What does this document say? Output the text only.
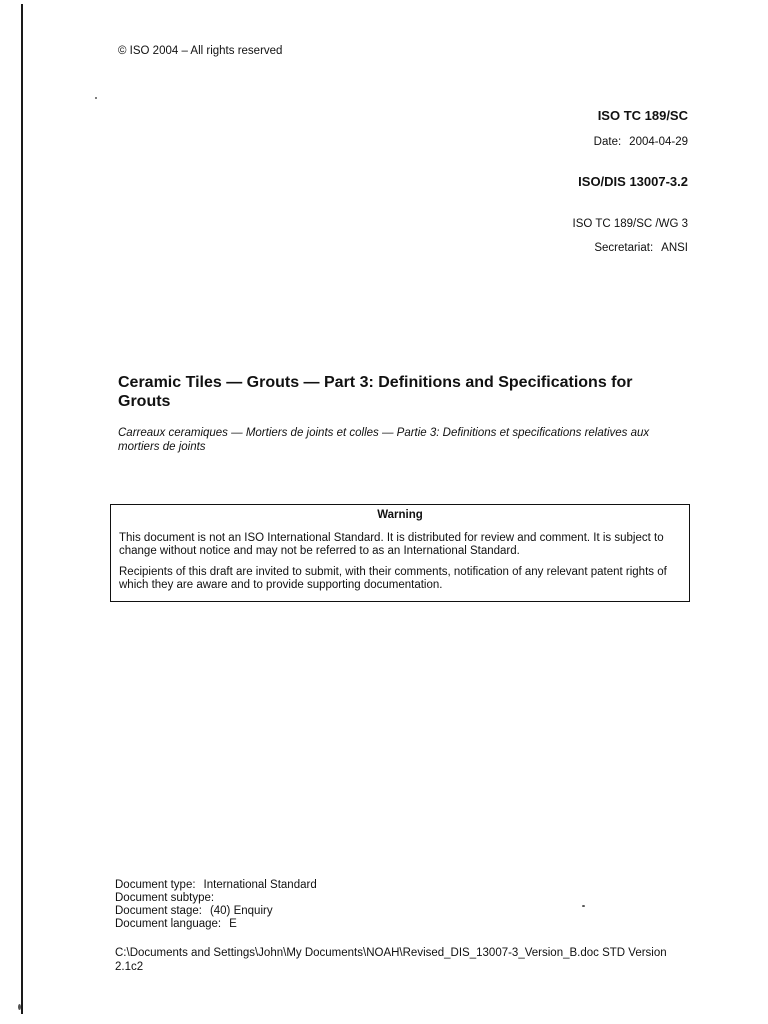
© ISO 2004 – All rights reserved
ISO TC 189/SC
Date: 2004-04-29
ISO/DIS 13007-3.2
ISO TC 189/SC /WG 3
Secretariat: ANSI
Ceramic Tiles — Grouts — Part 3: Definitions and Specifications for Grouts
Carreaux ceramiques — Mortiers de joints et colles — Partie 3: Definitions et specifications relatives aux mortiers de joints
Warning

This document is not an ISO International Standard. It is distributed for review and comment. It is subject to change without notice and may not be referred to as an International Standard.

Recipients of this draft are invited to submit, with their comments, notification of any relevant patent rights of which they are aware and to provide supporting documentation.

Document type: International Standard
Document subtype:
Document stage: (40) Enquiry
Document language: E
C:\Documents and Settings\John\My Documents\NOAH\Revised_DIS_13007-3_Version_B.doc STD Version 2.1c2
